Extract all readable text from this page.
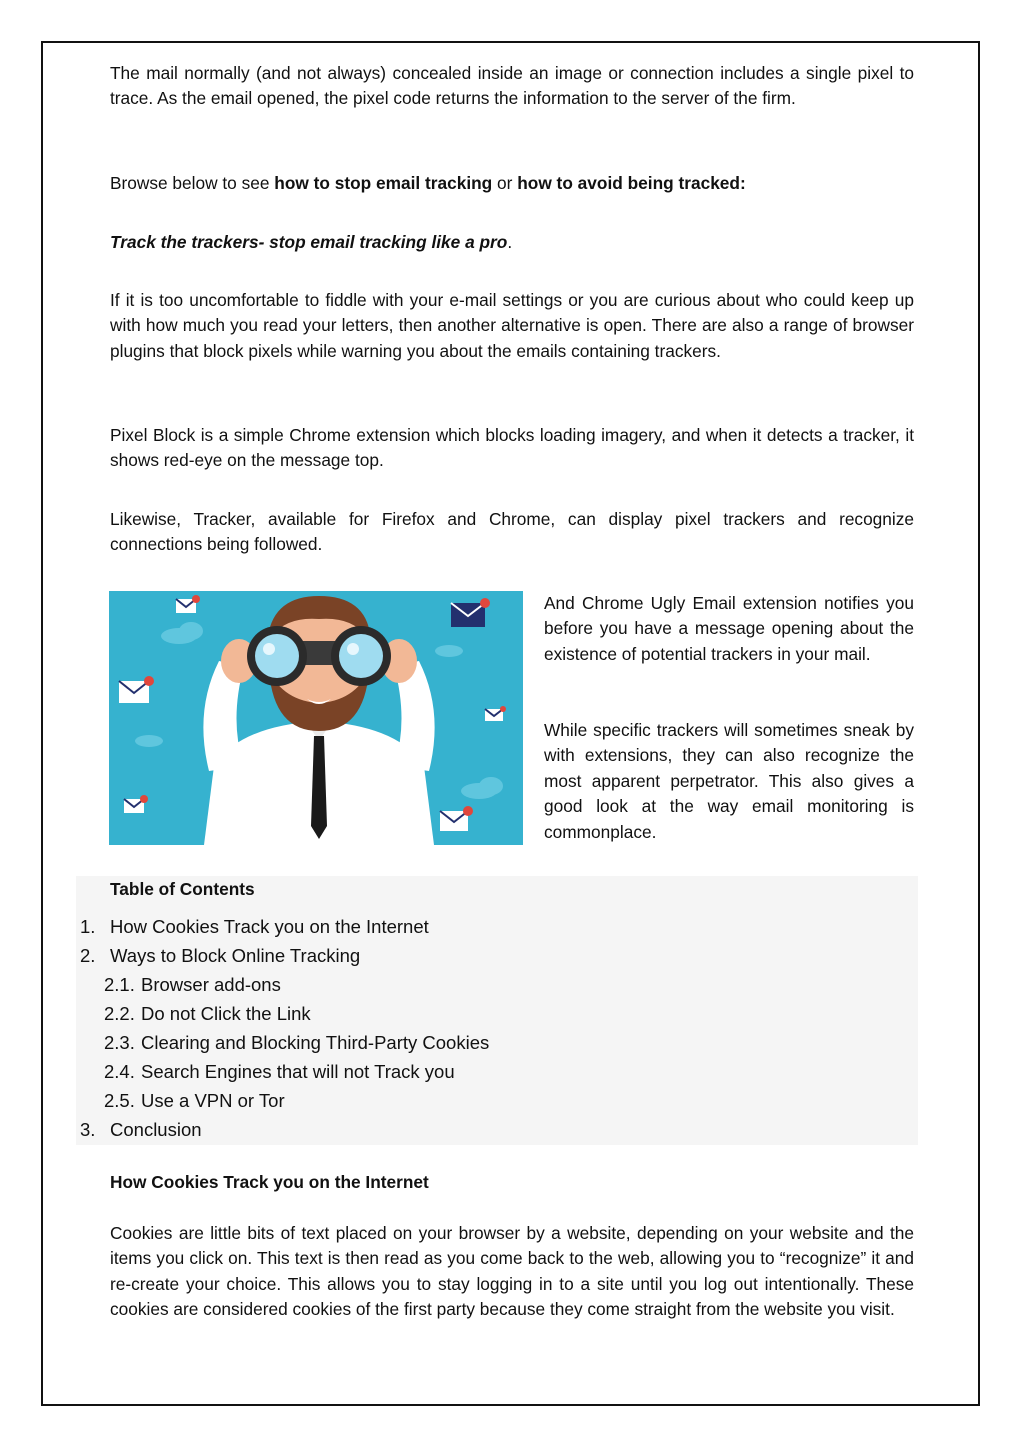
The mail normally (and not always) concealed inside an image or connection includes a single pixel to trace. As the email opened, the pixel code returns the information to the server of the firm.

Browse below to see how to stop email tracking or how to avoid being tracked:

Track the trackers- stop email tracking like a pro.

If it is too uncomfortable to fiddle with your e-mail settings or you are curious about who could keep up with how much you read your letters, then another alternative is open. There are also a range of browser plugins that block pixels while warning you about the emails containing trackers.

Pixel Block is a simple Chrome extension which blocks loading imagery, and when it detects a tracker, it shows red-eye on the message top.

Likewise, Tracker, available for Firefox and Chrome, can display pixel trackers and recognize connections being followed.

And Chrome Ugly Email extension notifies you before you have a message opening about the existence of potential trackers in your mail.

While specific trackers will sometimes sneak by with extensions, they can also recognize the most apparent perpetrator. This also gives a good look at the way email monitoring is commonplace.

Table of Contents
1. How Cookies Track you on the Internet
2. Ways to Block Online Tracking
2.1. Browser add-ons
2.2. Do not Click the Link
2.3. Clearing and Blocking Third-Party Cookies
2.4. Search Engines that will not Track you
2.5. Use a VPN or Tor
3. Conclusion

How Cookies Track you on the Internet

Cookies are little bits of text placed on your browser by a website, depending on your website and the items you click on. This text is then read as you come back to the web, allowing you to “recognize” it and re-create your choice. This allows you to stay logging in to a site until you log out intentionally. These cookies are considered cookies of the first party because they come straight from the website you visit.
